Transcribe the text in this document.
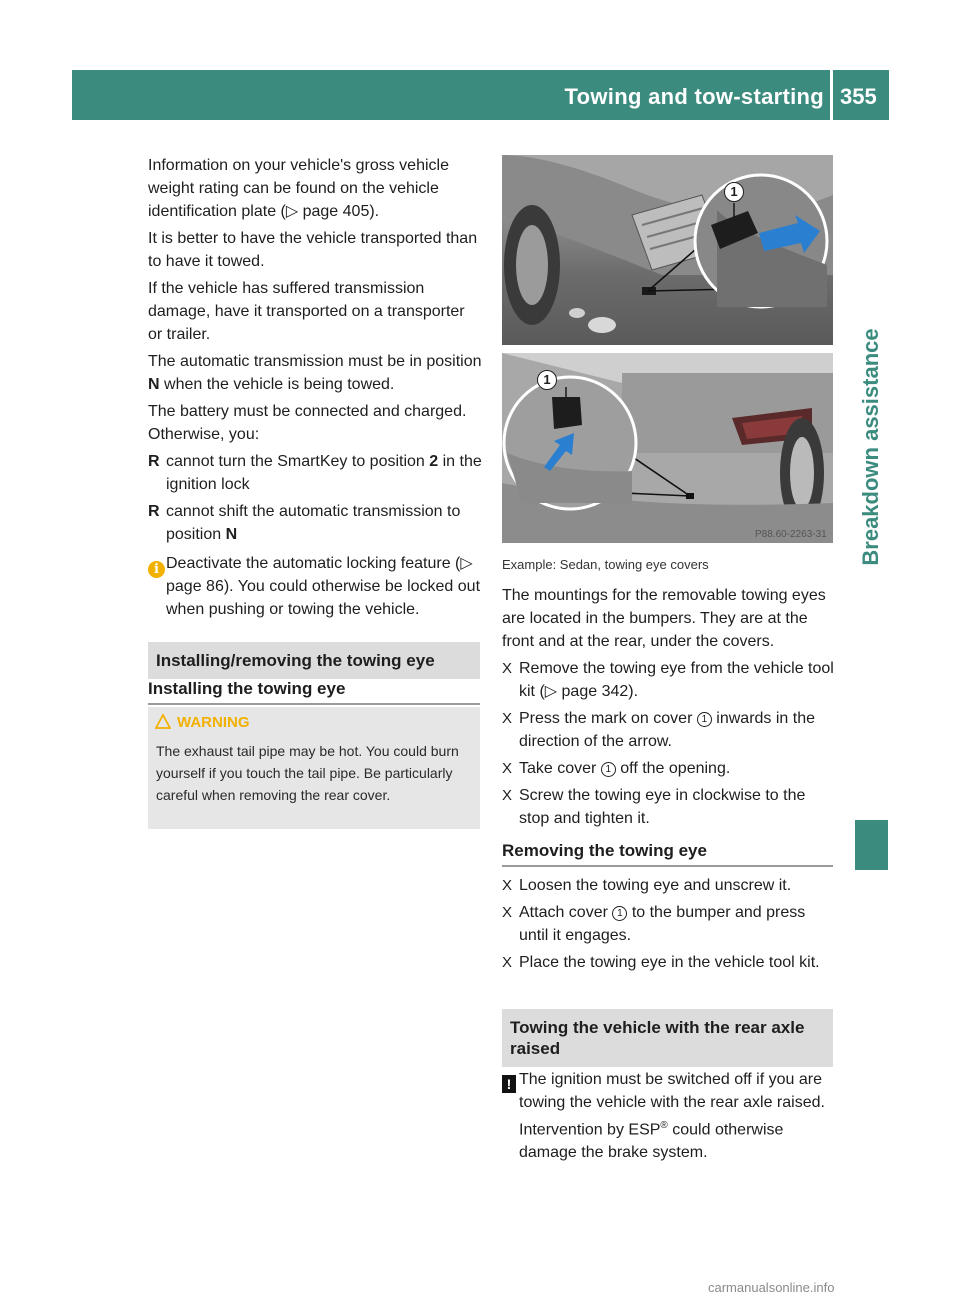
Towing and tow-starting 355
Breakdown assistance

Information on your vehicle's gross vehicle weight rating can be found on the vehicle identification plate (▷ page 405).

It is better to have the vehicle transported than to have it towed.

If the vehicle has suffered transmission damage, have it transported on a transporter or trailer.

The automatic transmission must be in position N when the vehicle is being towed.

The battery must be connected and charged. Otherwise, you:

R cannot turn the SmartKey to position 2 in the ignition lock
R cannot shift the automatic transmission to position N
i Deactivate the automatic locking feature (▷ page 86). You could otherwise be locked out when pushing or towing the vehicle.
Installing/removing the towing eye
Installing the towing eye
WARNING
The exhaust tail pipe may be hot. You could burn yourself if you touch the tail pipe. Be particularly careful when removing the rear cover.
1
1
P88.60-2263-31

Example: Sedan, towing eye covers

The mountings for the removable towing eyes are located in the bumpers. They are at the front and at the rear, under the covers.

X Remove the towing eye from the vehicle tool kit (▷ page 342).
X Press the mark on cover 1 inwards in the direction of the arrow.
X Take cover 1 off the opening.
X Screw the towing eye in clockwise to the stop and tighten it.
Removing the towing eye
X Loosen the towing eye and unscrew it.
X Attach cover 1 to the bumper and press until it engages.
X Place the towing eye in the vehicle tool kit.
Towing the vehicle with the rear axle raised
! The ignition must be switched off if you are towing the vehicle with the rear axle raised. Intervention by ESP® could otherwise damage the brake system.
carmanualsonline.info
